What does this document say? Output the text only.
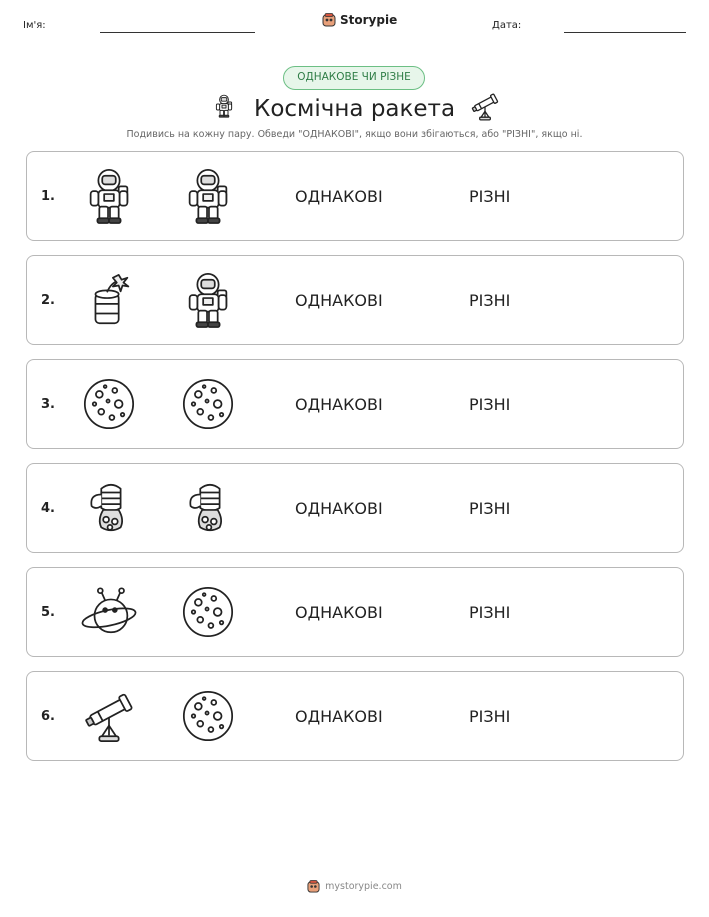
Ім'я:	Storypie	Дата:
ОДНАКОВЕ ЧИ РІЗНЕ
Космічна ракета
Подивись на кожну пару. Обведи "ОДНАКОВІ", якщо вони збігаються, або "РІЗНІ", якщо ні.
1.	ОДНАКОВІ	РІЗНІ
2.	ОДНАКОВІ	РІЗНІ
3.	ОДНАКОВІ	РІЗНІ
4.	ОДНАКОВІ	РІЗНІ
5.	ОДНАКОВІ	РІЗНІ
6.	ОДНАКОВІ	РІЗНІ
mystorypie.com
